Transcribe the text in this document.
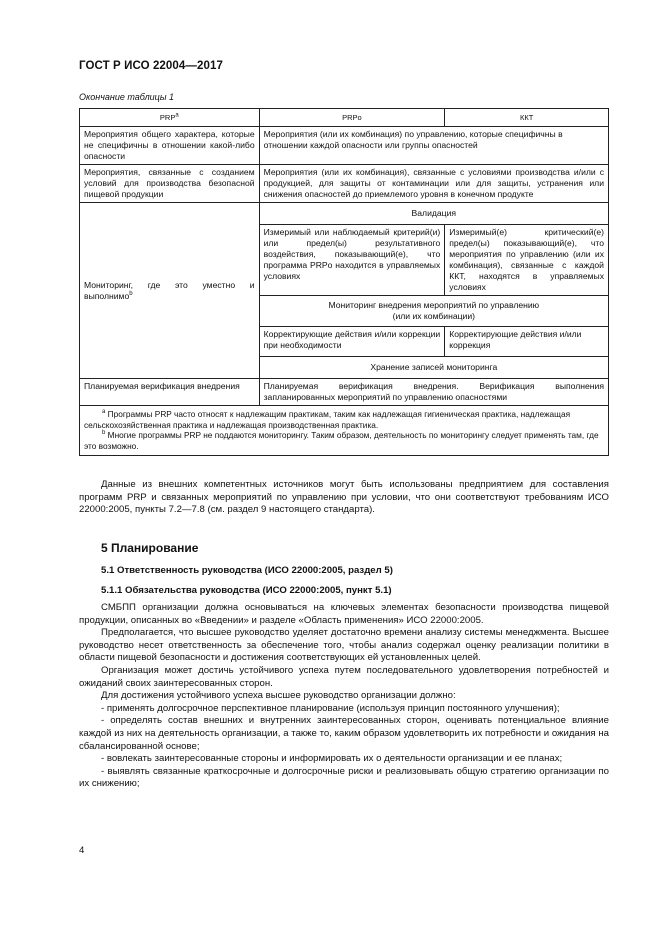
ГОСТ Р ИСО 22004—2017
Окончание таблицы 1
$PRP^а$	PRPo	ККТ
Мероприятия общего характера, которые не специфичны в отношении какой-либо опасности	Мероприятия (или их комбинация) по управлению, которые специфичны в отношении каждой опасности или группы опасностей	
Мероприятия, связанные с созданием условий для производства безопасной пищевой продукции	Мероприятия (или их комбинация), связанные с условиями производства и/или с продукцией, для защиты от контаминации или для защиты, устранения или снижения опасностей до приемлемого уровня в конечном продукте	
Мониторинг, где это уместно и выполнимо$^b$	Валидация	
	Измеримый или наблюдаемый критерий(и) или предел(ы) результативного воздействия, показывающий(е), что программа PRPo находится в управляемых условиях	Измеримый(е) критический(е) предел(ы) показывающий(е), что мероприятия по управлению (или их комбинация), связанные с каждой ККТ, находятся в управляемых условиях

	Мониторинг внедрения мероприятий по управлению
(или их комбинации)	

	Корректирующие действия и/или коррекции при необходимости	Корректирующие действия и/или коррекция
	Хранение записей мониторинга	
Планируемая верификация внедрения	Планируемая верификация внедрения. Верификация выполнения запланированных мероприятий по управлению опасностями	

$^а$ Программы PRP часто относят к надлежащим практикам, таким как надлежащая гигиеническая практика, надлежащая сельскохозяйственная практика и надлежащая производственная практика.
$^b$ Многие программы PRP не поддаются мониторингу. Таким образом, деятельность по мониторингу следует применять там, где это возможно.		

Данные из внешних компетентных источников могут быть использованы предприятием для составления программ PRP и связанных мероприятий по управлению при условии, что они соответствуют требованиям ИСО 22000:2005, пункты 7.2—7.8 (см. раздел 9 настоящего стандарта).

5 Планирование
5.1 Ответственность руководства (ИСО 22000:2005, раздел 5)
5.1.1 Обязательства руководства (ИСО 22000:2005, пункт 5.1)

СМБПП организации должна основываться на ключевых элементах безопасности производства пищевой продукции, описанных во «Введении» и разделе «Область применения» ИСО 22000:2005.

Предполагается, что высшее руководство уделяет достаточно времени анализу системы менеджмента. Высшее руководство несет ответственность за обеспечение того, чтобы анализ содержал оценку реализации политики в области пищевой безопасности и достижения соответствующих ей установленных целей.

Организация может достичь устойчивого успеха путем последовательного удовлетворения потребностей и ожиданий своих заинтересованных сторон.

Для достижения устойчивого успеха высшее руководство организации должно:

- применять долгосрочное перспективное планирование (используя принцип постоянного улучшения);

- определять состав внешних и внутренних заинтересованных сторон, оценивать потенциальное влияние каждой из них на деятельность организации, а также то, каким образом удовлетворить их потребности и ожидания на сбалансированной основе;

- вовлекать заинтересованные стороны и информировать их о деятельности организации и ее планах;

- выявлять связанные краткосрочные и долгосрочные риски и реализовывать общую стратегию организации по их снижению;

4
